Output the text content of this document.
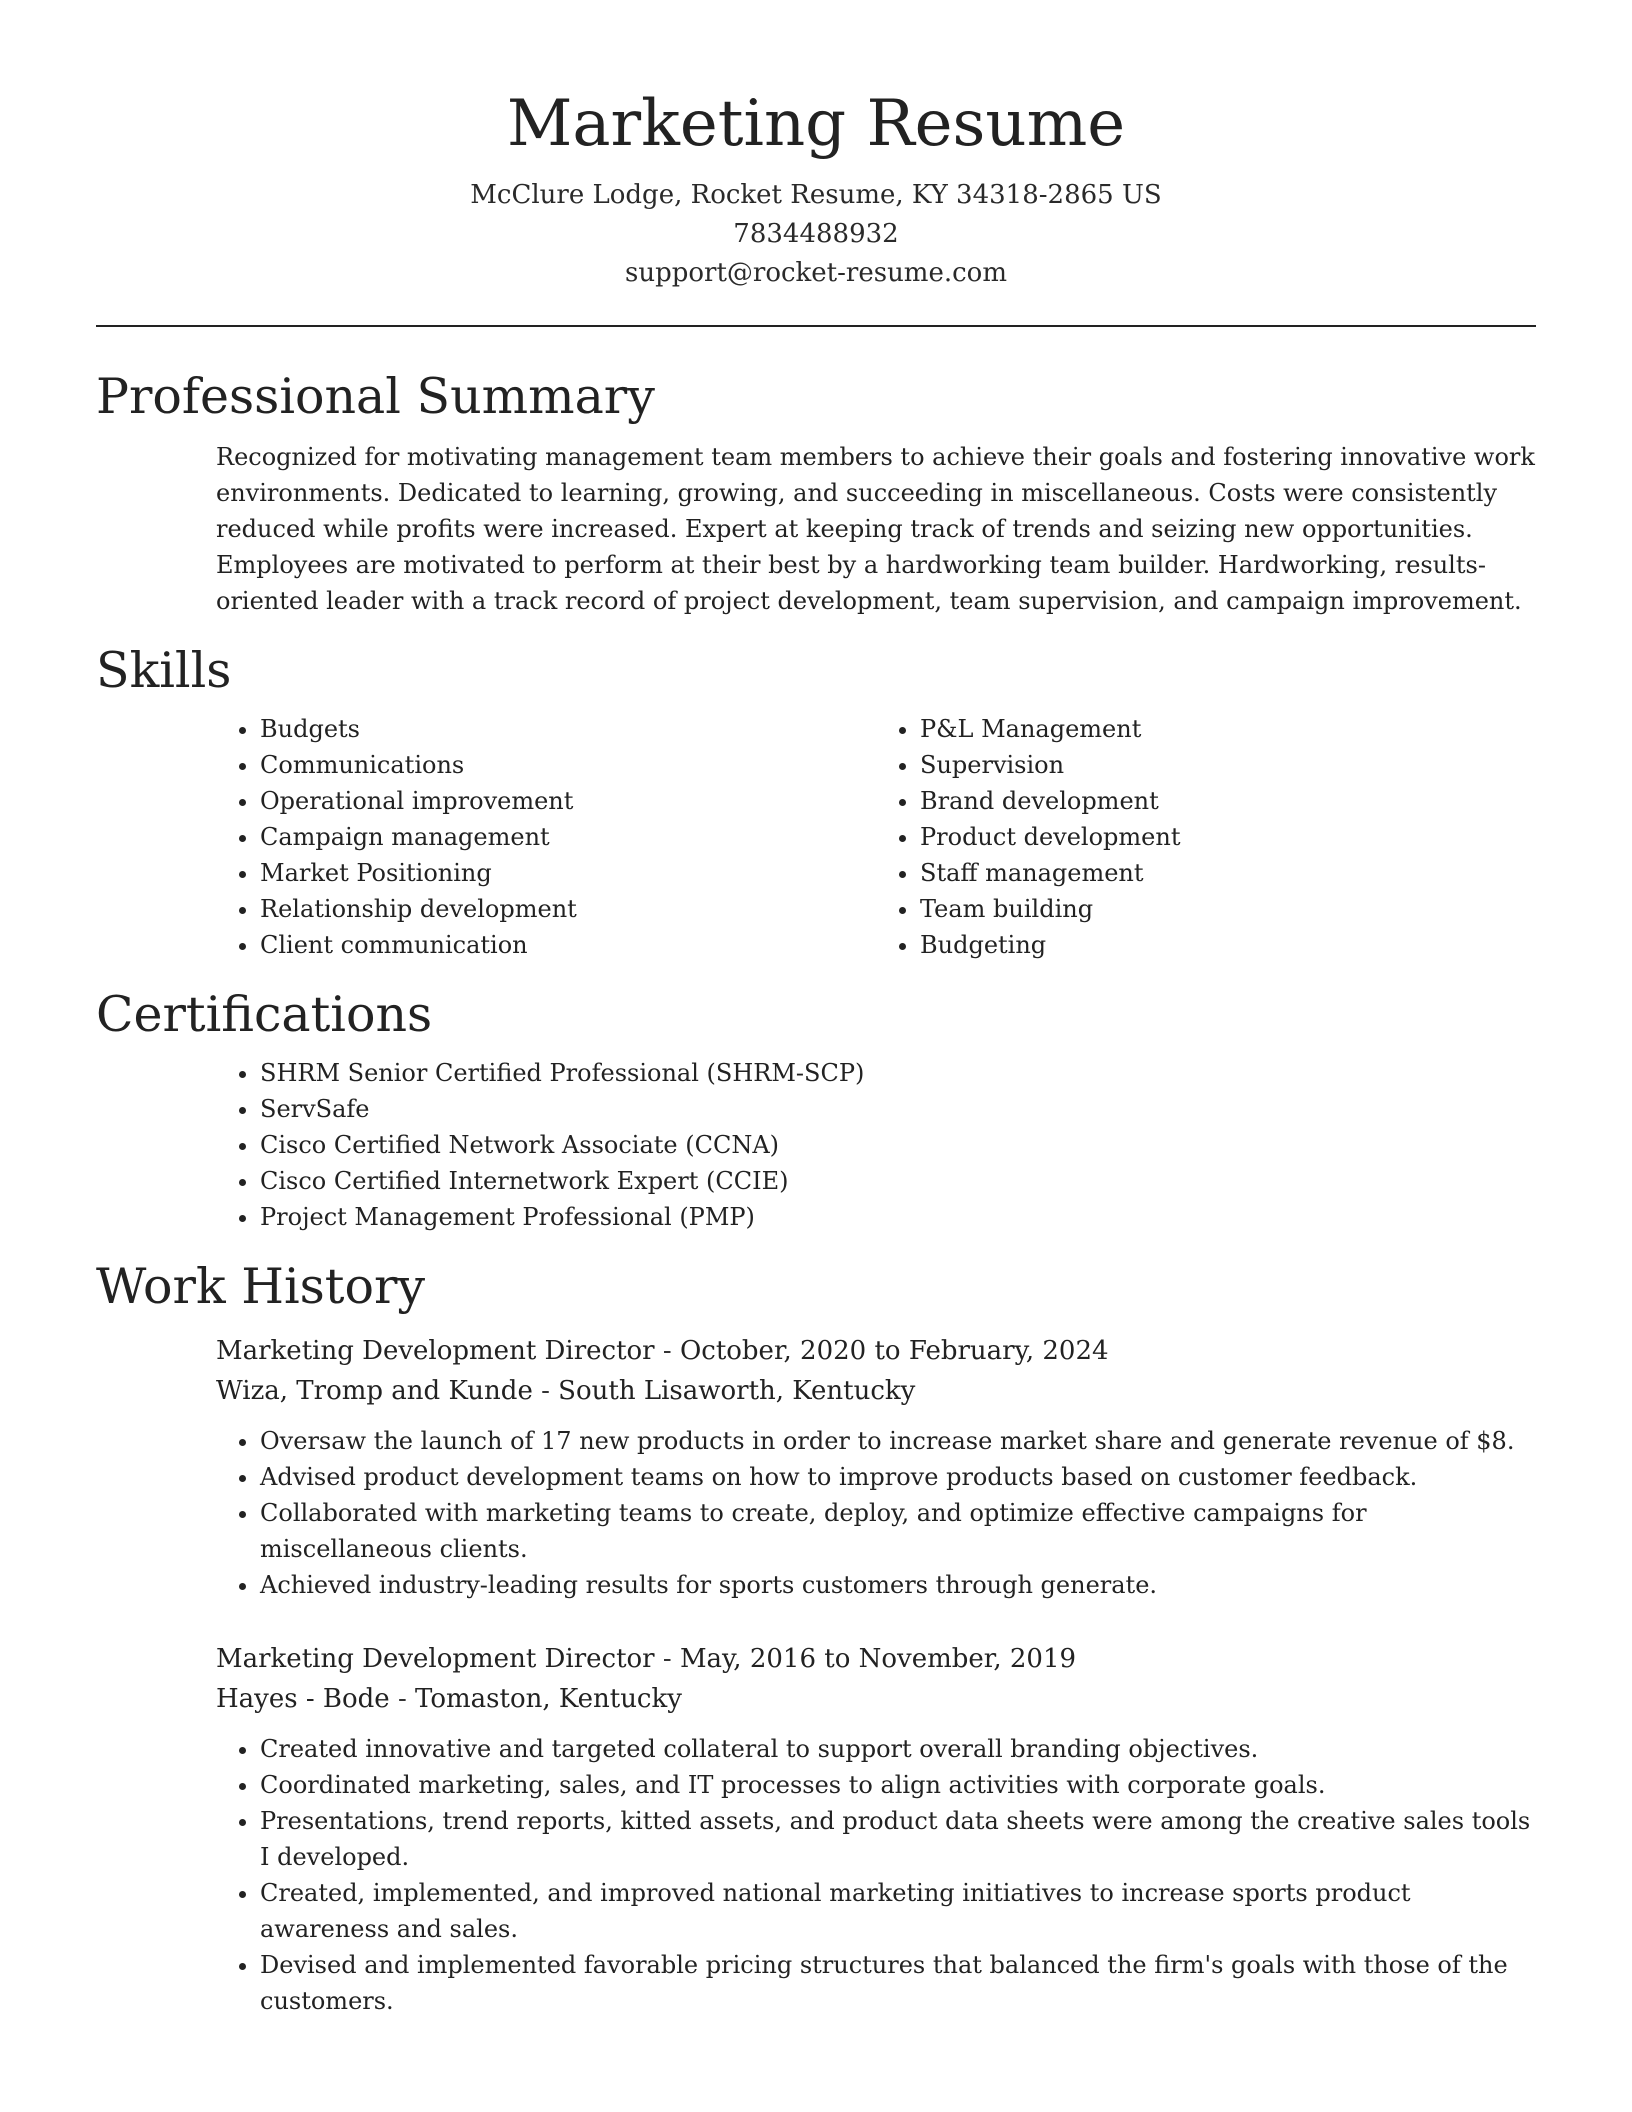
Marketing Resume
McClure Lodge, Rocket Resume, KY 34318-2865 US
7834488932
support@rocket-resume.com
Professional Summary

Recognized for motivating management team members to achieve their goals and fostering innovative work environments. Dedicated to learning, growing, and succeeding in miscellaneous. Costs were consistently reduced while profits were increased. Expert at keeping track of trends and seizing new opportunities. Employees are motivated to perform at their best by a hardworking team builder. Hardworking, results-oriented leader with a track record of project development, team supervision, and campaign improvement.

Skills
• Budgets
• Communications
• Operational improvement
• Campaign management
• Market Positioning
• Relationship development
• Client communication
• P&L Management
• Supervision
• Brand development
• Product development
• Staff management
• Team building
• Budgeting
Certifications
• SHRM Senior Certified Professional (SHRM-SCP)
• ServSafe
• Cisco Certified Network Associate (CCNA)
• Cisco Certified Internetwork Expert (CCIE)
• Project Management Professional (PMP)
Work History
Marketing Development Director - October, 2020 to February, 2024
Wiza, Tromp and Kunde - South Lisaworth, Kentucky
• Oversaw the launch of 17 new products in order to increase market share and generate revenue of $8.
• Advised product development teams on how to improve products based on customer feedback.
• Collaborated with marketing teams to create, deploy, and optimize effective campaigns for miscellaneous clients.
• Achieved industry-leading results for sports customers through generate.
Marketing Development Director - May, 2016 to November, 2019
Hayes - Bode - Tomaston, Kentucky
• Created innovative and targeted collateral to support overall branding objectives.
• Coordinated marketing, sales, and IT processes to align activities with corporate goals.
• Presentations, trend reports, kitted assets, and product data sheets were among the creative sales tools I developed.
• Created, implemented, and improved national marketing initiatives to increase sports product awareness and sales.
• Devised and implemented favorable pricing structures that balanced the firm's goals with those of the customers.
